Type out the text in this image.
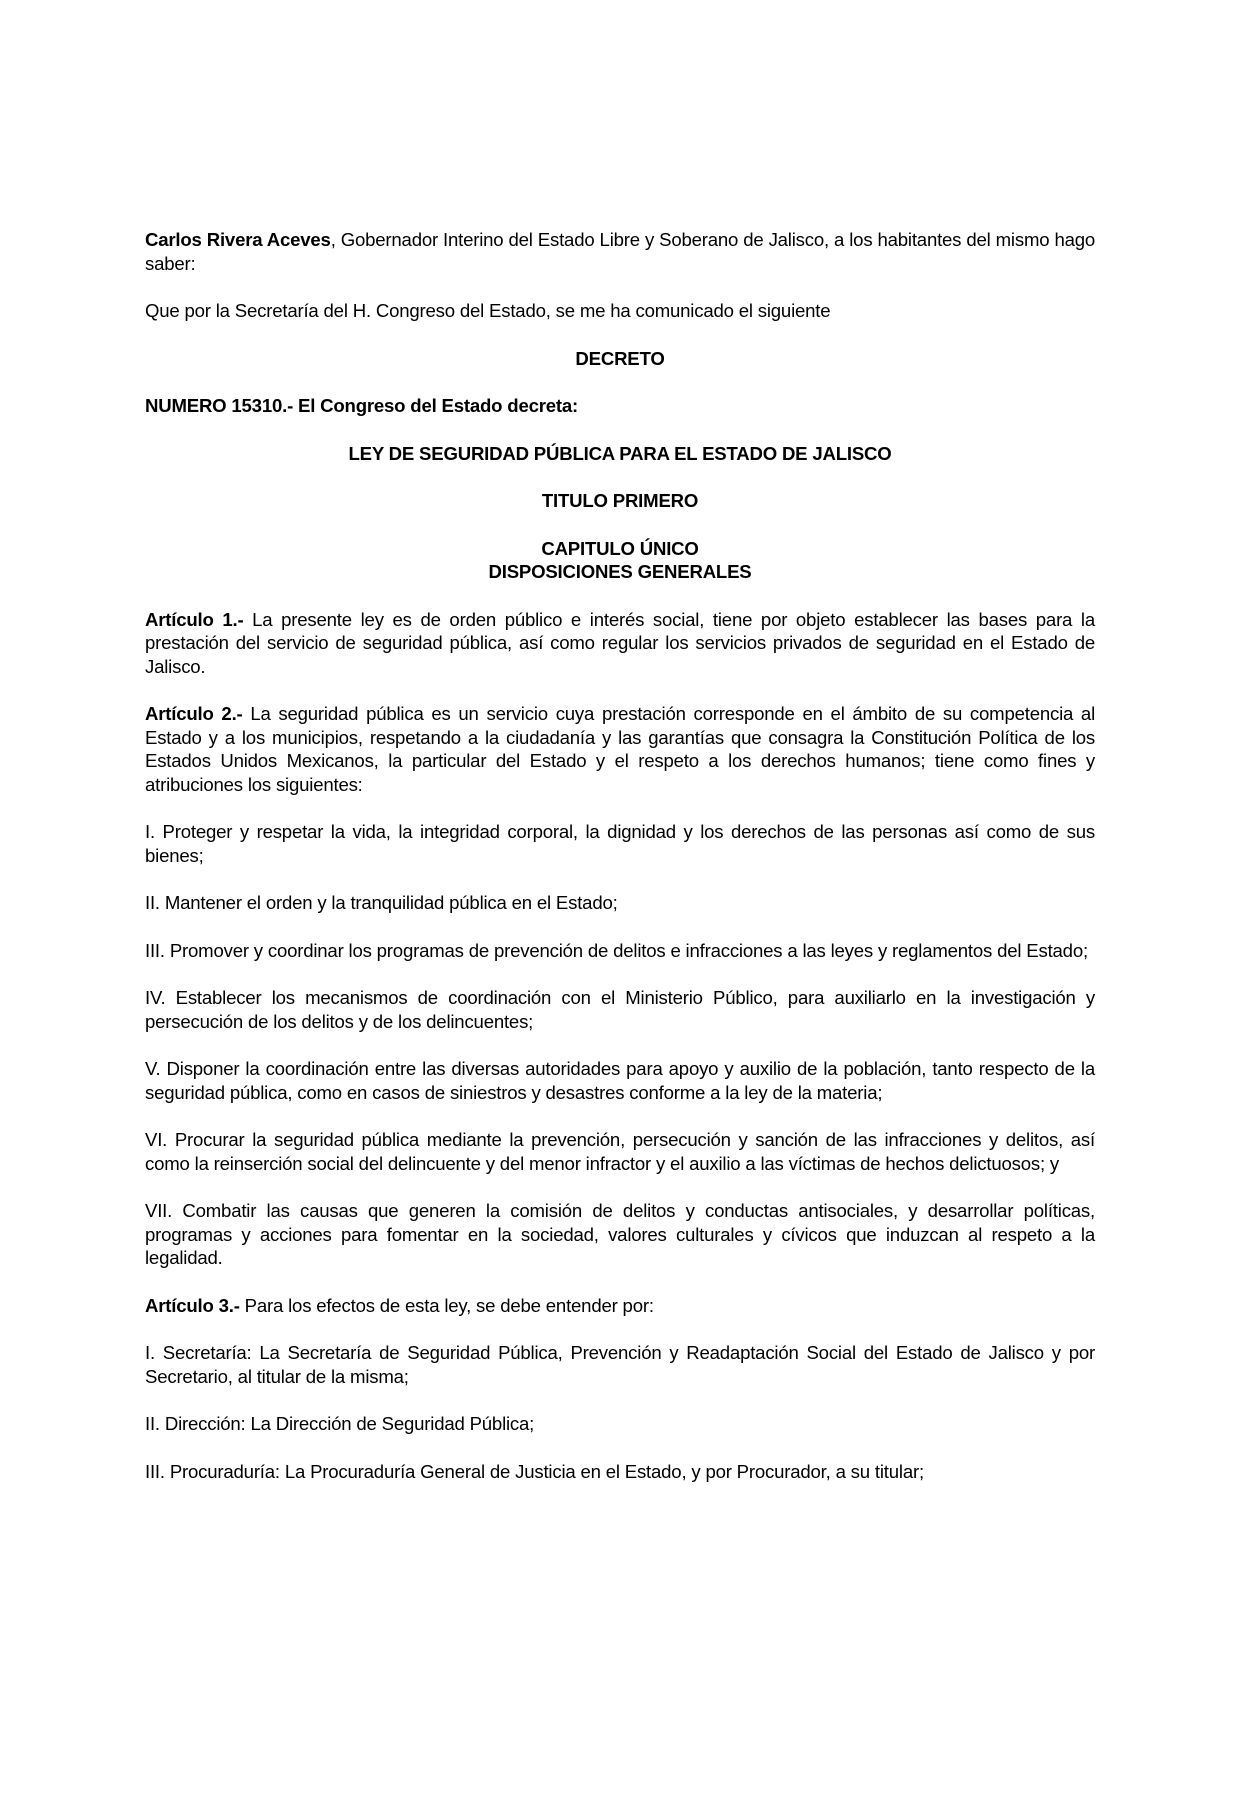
Carlos Rivera Aceves, Gobernador Interino del Estado Libre y Soberano de Jalisco, a los habitantes del mismo hago saber:

Que por la Secretaría del H. Congreso del Estado, se me ha comunicado el siguiente

DECRETO

NUMERO 15310.- El Congreso del Estado decreta:

LEY DE SEGURIDAD PÚBLICA PARA EL ESTADO DE JALISCO

TITULO PRIMERO

CAPITULO ÚNICO

DISPOSICIONES GENERALES

Artículo 1.- La presente ley es de orden público e interés social, tiene por objeto establecer las bases para la prestación del servicio de seguridad pública, así como regular los servicios privados de seguridad en el Estado de Jalisco.

Artículo 2.- La seguridad pública es un servicio cuya prestación corresponde en el ámbito de su competencia al Estado y a los municipios, respetando a la ciudadanía y las garantías que consagra la Constitución Política de los Estados Unidos Mexicanos, la particular del Estado y el respeto a los derechos humanos; tiene como fines y atribuciones los siguientes:

I. Proteger y respetar la vida, la integridad corporal, la dignidad y los derechos de las personas así como de sus bienes;

II. Mantener el orden y la tranquilidad pública en el Estado;

III. Promover y coordinar los programas de prevención de delitos e infracciones a las leyes y reglamentos del Estado;

IV. Establecer los mecanismos de coordinación con el Ministerio Público, para auxiliarlo en la investigación y persecución de los delitos y de los delincuentes;

V. Disponer la coordinación entre las diversas autoridades para apoyo y auxilio de la población, tanto respecto de la seguridad pública, como en casos de siniestros y desastres conforme a la ley de la materia;

VI. Procurar la seguridad pública mediante la prevención, persecución y sanción de las infracciones y delitos, así como la reinserción social del delincuente y del menor infractor y el auxilio a las víctimas de hechos delictuosos; y

VII. Combatir las causas que generen la comisión de delitos y conductas antisociales, y desarrollar políticas, programas y acciones para fomentar en la sociedad, valores culturales y cívicos que induzcan al respeto a la legalidad.

Artículo 3.- Para los efectos de esta ley, se debe entender por:

I. Secretaría: La Secretaría de Seguridad Pública, Prevención y Readaptación Social del Estado de Jalisco y por Secretario, al titular de la misma;

II. Dirección: La Dirección de Seguridad Pública;

III. Procuraduría: La Procuraduría General de Justicia en el Estado, y por Procurador, a su titular;
